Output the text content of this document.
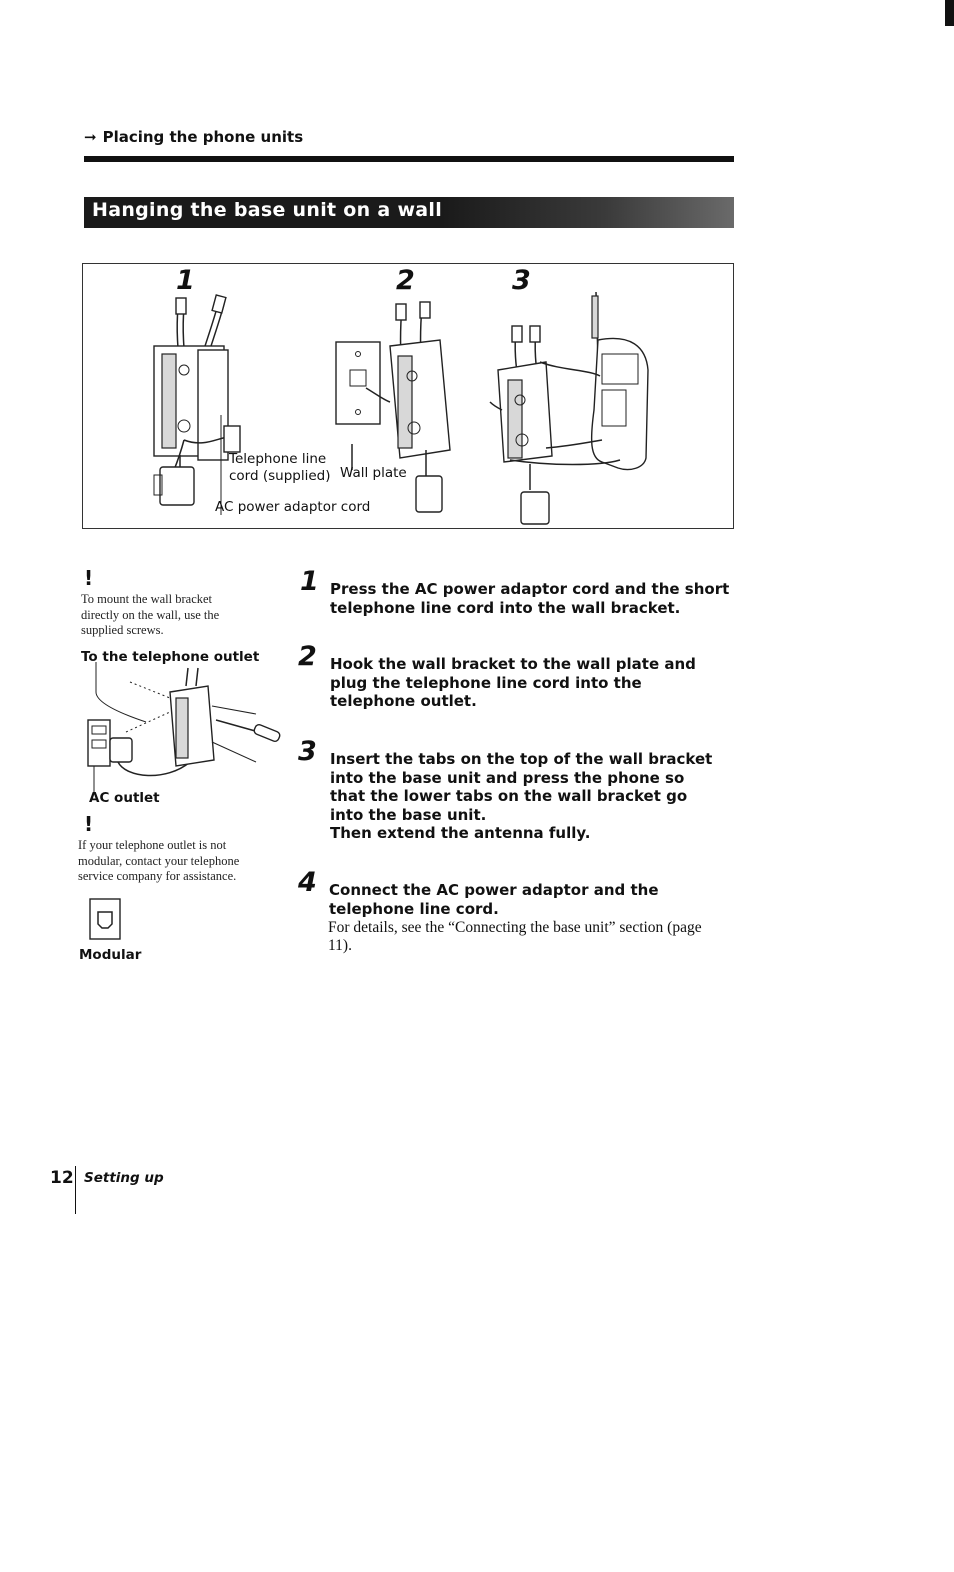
➞ Placing the phone units
Hanging the base unit on a wall
1	2	3
Telephone line
cord (supplied) Wall plate
AC power adaptor cord
!
To mount the wall bracket directly on the wall, use the supplied screws.
To the telephone outlet
AC outlet
!
If your telephone outlet is not modular, contact your telephone service company for assistance.
Modular
1 Press the AC power adaptor cord and the short telephone line cord into the wall bracket.
2 Hook the wall bracket to the wall plate and plug the telephone line cord into the telephone outlet.
3 Insert the tabs on the top of the wall bracket into the base unit and press the phone so that the lower tabs on the wall bracket go into the base unit.
Then extend the antenna fully.
4 Connect the AC power adaptor and the telephone line cord.
For details, see the “Connecting the base unit” section (page 11).
12 Setting up
